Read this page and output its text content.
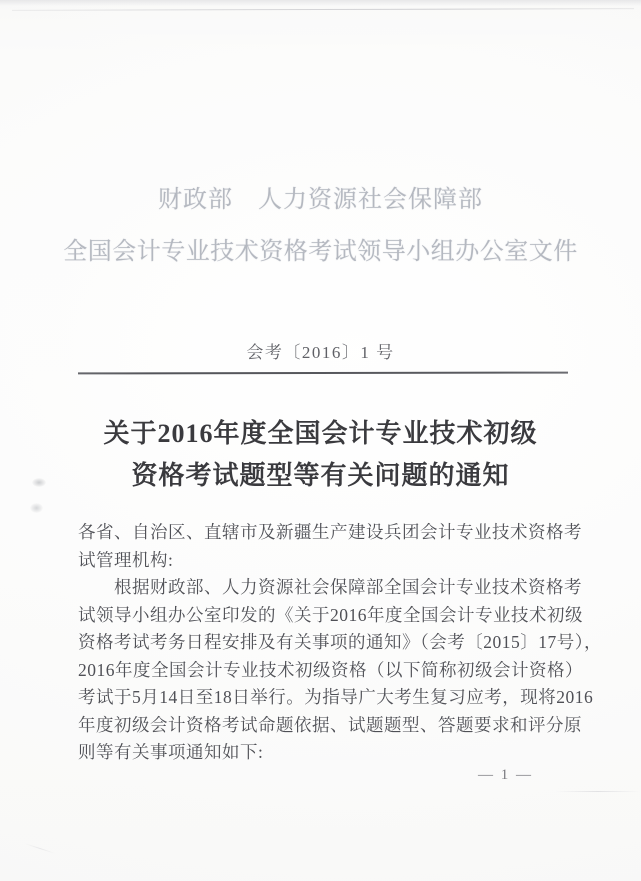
财政部　人力资源社会保障部
全国会计专业技术资格考试领导小组办公室文件
会考〔2016〕1 号
关于2016年度全国会计专业技术初级
资格考试题型等有关问题的通知
各省、自治区、直辖市及新疆生产建设兵团会计专业技术资格考
试管理机构:
根据财政部、人力资源社会保障部全国会计专业技术资格考
试领导小组办公室印发的《关于2016年度全国会计专业技术初级
资格考试考务日程安排及有关事项的通知》（会考〔2015〕17号），
2016年度全国会计专业技术初级资格（以下简称初级会计资格）
考试于5月14日至18日举行。为指导广大考生复习应考，现将2016
年度初级会计资格考试命题依据、试题题型、答题要求和评分原
则等有关事项通知如下:
— 1 —
